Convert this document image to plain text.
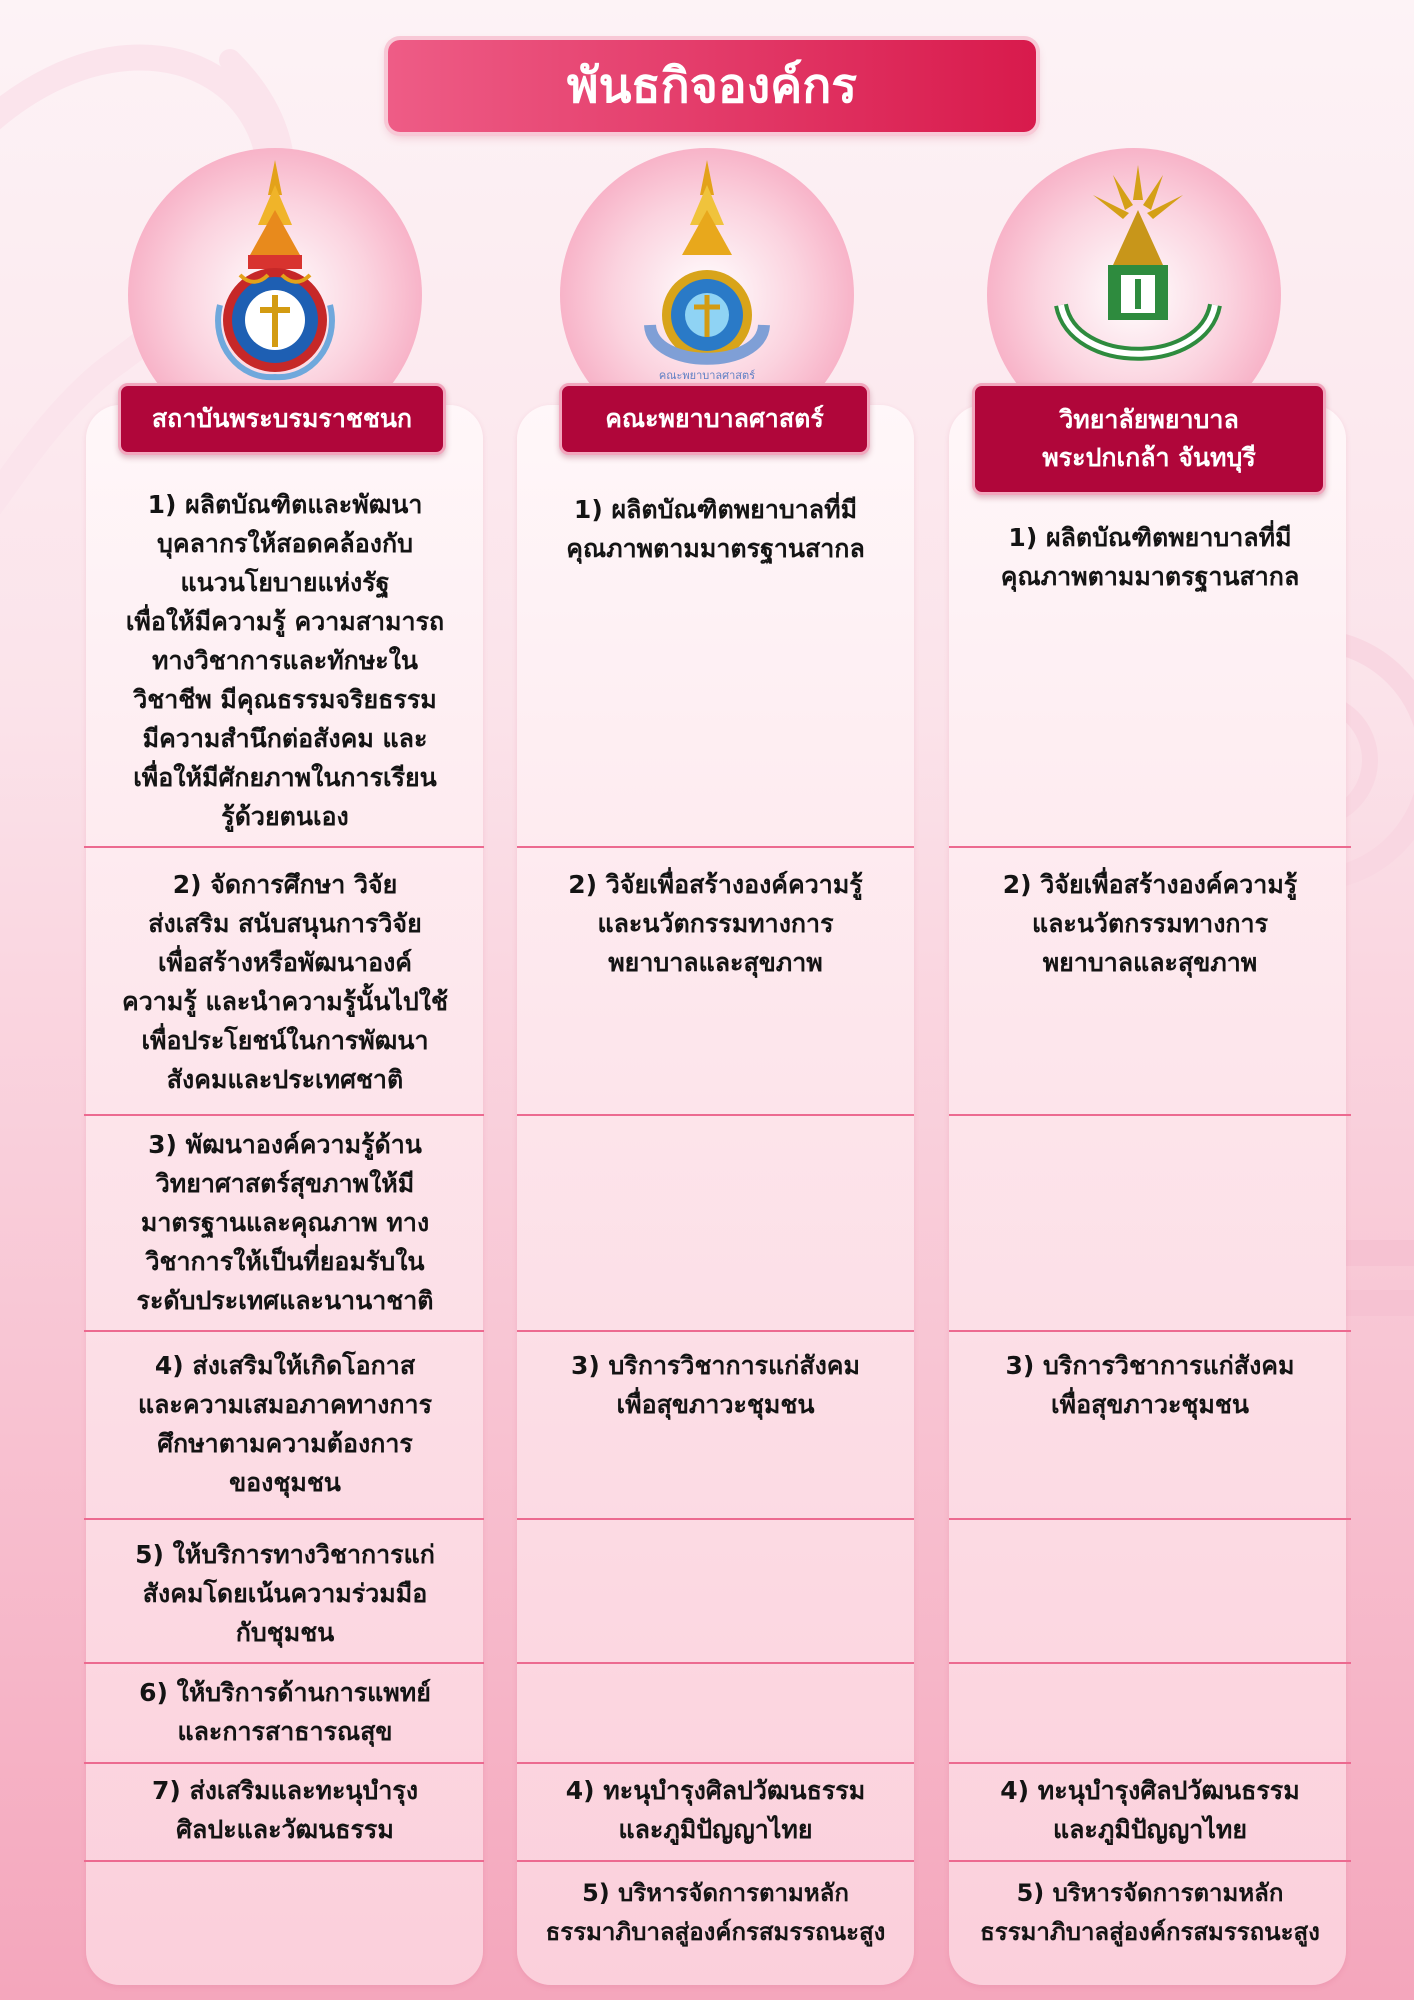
พันธกิจองค์กร
คณะพยาบาลศาสตร์
สถาบันพระบรมราชชนก	คณะพยาบาลศาสตร์	วิทยาลัยพยาบาล
พระปกเกล้า จันทบุรี
1) ผลิตบัณฑิตและพัฒนา
บุคลากรให้สอดคล้องกับ
แนวนโยบายแห่งรัฐ
เพื่อให้มีความรู้ ความสามารถ
ทางวิชาการและทักษะใน
วิชาชีพ มีคุณธรรมจริยธรรม
มีความสำนึกต่อสังคม และ
เพื่อให้มีศักยภาพในการเรียน
รู้ด้วยตนเอง
2) จัดการศึกษา วิจัย
ส่งเสริม สนับสนุนการวิจัย
เพื่อสร้างหรือพัฒนาองค์
ความรู้ และนำความรู้นั้นไปใช้
เพื่อประโยชน์ในการพัฒนา
สังคมและประเทศชาติ
3) พัฒนาองค์ความรู้ด้าน
วิทยาศาสตร์สุขภาพให้มี
มาตรฐานและคุณภาพ ทาง
วิชาการให้เป็นที่ยอมรับใน
ระดับประเทศและนานาชาติ
4) ส่งเสริมให้เกิดโอกาส
และความเสมอภาคทางการ
ศึกษาตามความต้องการ
ของชุมชน
5) ให้บริการทางวิชาการแก่
สังคมโดยเน้นความร่วมมือ
กับชุมชน
6) ให้บริการด้านการแพทย์
และการสาธารณสุข
7) ส่งเสริมและทะนุบำรุง
ศิลปะและวัฒนธรรม
1) ผลิตบัณฑิตพยาบาลที่มี
คุณภาพตามมาตรฐานสากล
2) วิจัยเพื่อสร้างองค์ความรู้
และนวัตกรรมทางการ
พยาบาลและสุขภาพ
3) บริการวิชาการแก่สังคม
เพื่อสุขภาวะชุมชน
4) ทะนุบำรุงศิลปวัฒนธรรม
และภูมิปัญญาไทย
5) บริหารจัดการตามหลัก
ธรรมาภิบาลสู่องค์กรสมรรถนะสูง
1) ผลิตบัณฑิตพยาบาลที่มี
คุณภาพตามมาตรฐานสากล
2) วิจัยเพื่อสร้างองค์ความรู้
และนวัตกรรมทางการ
พยาบาลและสุขภาพ
3) บริการวิชาการแก่สังคม
เพื่อสุขภาวะชุมชน
4) ทะนุบำรุงศิลปวัฒนธรรม
และภูมิปัญญาไทย
5) บริหารจัดการตามหลัก
ธรรมาภิบาลสู่องค์กรสมรรถนะสูง
